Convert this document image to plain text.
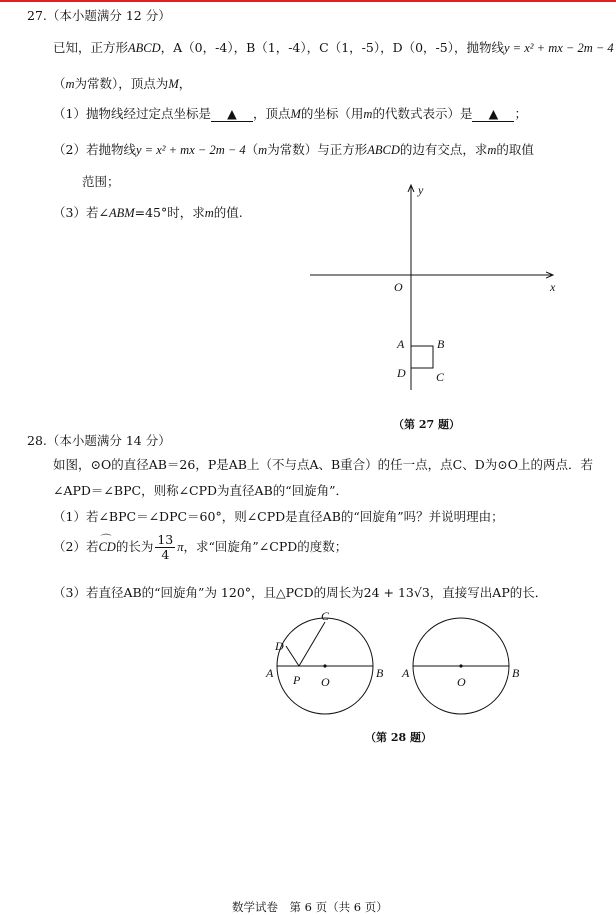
27.（本小题满分 12 分）
已知，正方形ABCD，A（0，-4），B（1，-4），C（1，-5），D（0，-5），抛物线y = x² + mx − 2m − 4
（m为常数），顶点为M，
（1）抛物线经过定点坐标是 ▲ ，顶点M的坐标（用m的代数式表示）是 ▲ ；
（2）若抛物线y = x² + mx − 2m − 4（m为常数）与正方形ABCD的边有交点，求m的取值
范围；
（3）若∠ABM=45°时，求m的值.
y
x
O
A	B
D	C
（第 27 题）
28.（本小题满分 14 分）
如图，⊙O的直径AB＝26，P是AB上（不与点A、B重合）的任一点，点C、D为⊙O上的两点．若
∠APD＝∠BPC，则称∠CPD为直径AB的“回旋角”．
（1）若∠BPC＝∠DPC＝60°，则∠CPD是直径AB的“回旋角”吗？并说明理由；
（2）若⌒ CD的长为 $\frac{13}{4}$ π，求“回旋角”∠CPD的度数；
（3）若直径AB的“回旋角”为 120°，且△PCD的周长为24 + 13√3，直接写出AP的长．
A	B
C
D
P O
A	B
O
（第 28 题）
数学试卷　第 6 页（共 6 页）
